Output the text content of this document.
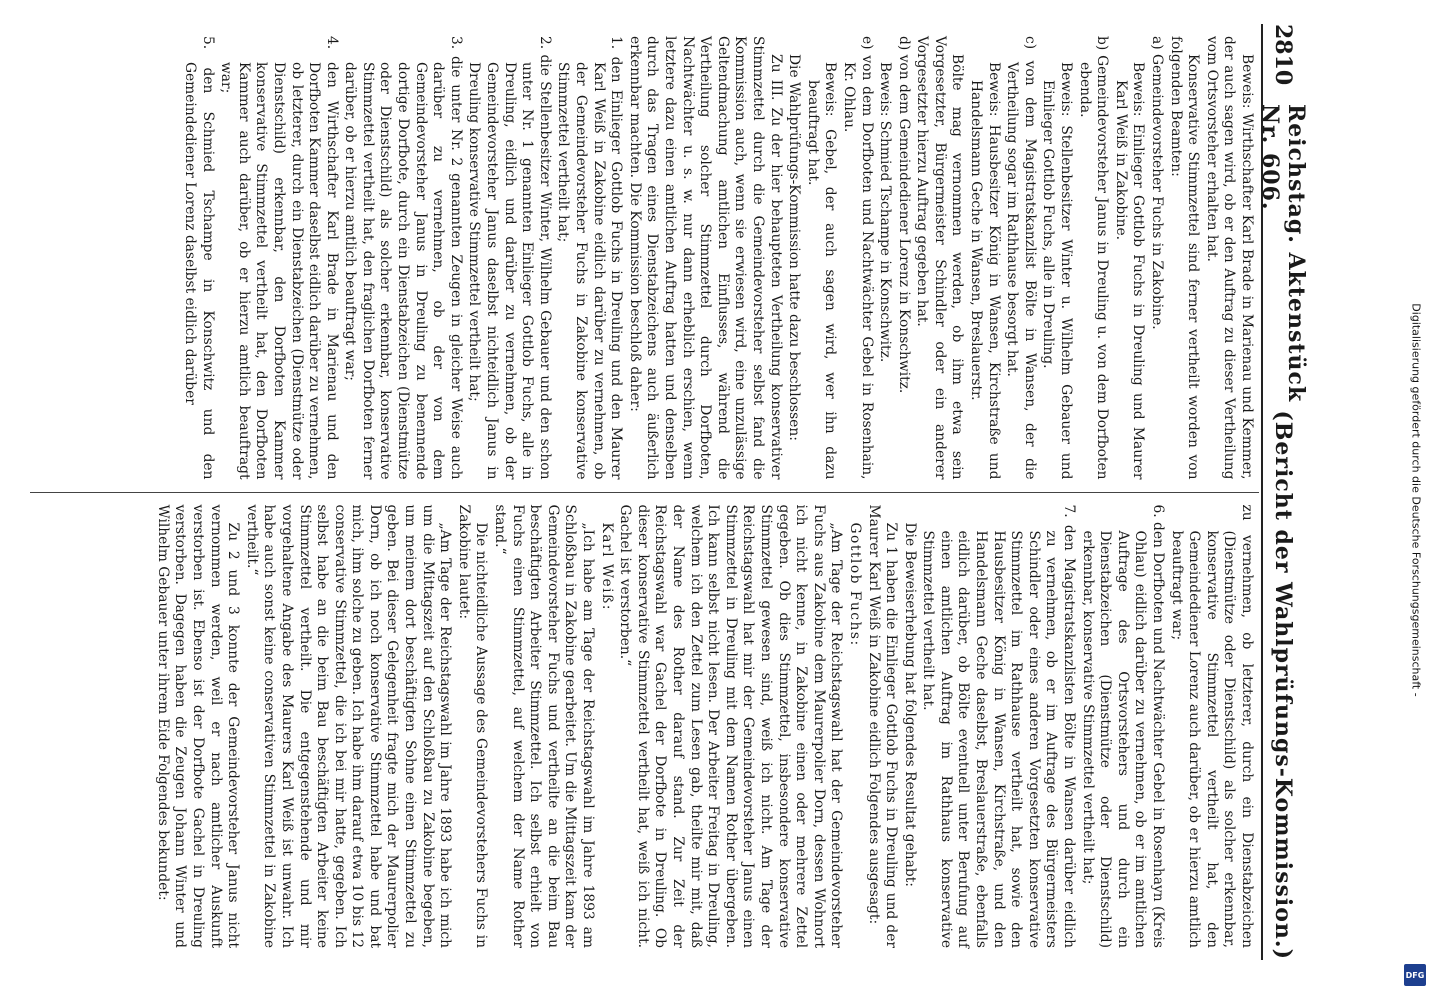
2810
Reichstag. Aktenstück Nr. 606.
(Bericht der Wahlprüfungs-Kommission.)

Beweis: Wirthschafter Karl Brade in Marienau und Kemmer, der auch sagen wird, ob er den Auftrag zu dieser Vertheilung vom Ortsvorsteher erhalten hat.

Konservative Stimmzettel sind ferner vertheilt worden von folgenden Beamten:

a) Gemeindevorsteher Fuchs in Zakobine.

Beweis: Einlieger Gottlob Fuchs in Dreuling und Maurer Karl Weiß in Zakobine.

b) Gemeindevorsteher Janus in Dreuling u. von dem Dorfboten ebenda.

Beweis: Stellenbesitzer Winter u. Wilhelm Gebauer und Einlieger Gottlob Fuchs, alle in Dreuling.

c) von dem Magistratskanzlist Bölte in Wansen, der die Vertheilung sogar im Rathhause besorgt hat.

Beweis: Hausbesitzer König in Wansen, Kirchstraße und Handelsmann Geche in Wansen, Breslauerstr.

Bölte mag vernommen werden, ob ihm etwa sein Vorgesetzter, Bürgermeister Schindler oder ein anderer Vorgesetzter hierzu Auftrag gegeben hat.

d) von dem Gemeindediener Lorenz in Konschwitz.

Beweis: Schmied Tschampe in Konschwitz.

e) von dem Dorfboten und Nachtwächter Gebel in Rosenhain, Kr. Ohlau.

Beweis: Gebel, der auch sagen wird, wer ihn dazu beauftragt hat.

Die Wahlprüfungs-Kommission hatte dazu beschlossen:

Zu III. Zu der hier behaupteten Vertheilung konservativer Stimmzettel durch die Gemeindevorsteher selbst fand die Kommission auch, wenn sie erwiesen wird, eine unzulässige Geltendmachung amtlichen Einflusses, während die Vertheilung solcher Stimmzettel durch Dorfboten, Nachtwächter u. s. w. nur dann erheblich erschien, wenn letztere dazu einen amtlichen Auftrag hatten und denselben durch das Tragen eines Dienstabzeichens auch äußerlich erkennbar machten. Die Kommission beschloß daher:

1. den Einlieger Gottlob Fuchs in Dreuling und den Maurer Karl Weiß in Zakobine eidlich darüber zu vernehmen, ob der Gemeindevorsteher Fuchs in Zakobine konservative Stimmzettel vertheilt hat;

2. die Stellenbesitzer Winter, Wilhelm Gebauer und den schon unter Nr. 1 genannten Einlieger Gottlob Fuchs, alle in Dreuling, eidlich und darüber zu vernehmen, ob der Gemeindevorsteher Janus daselbst nichteidlich Janus in Dreuling konservative Stimmzettel vertheilt hat;

3. die unter Nr. 2 genannten Zeugen in gleicher Weise auch darüber zu vernehmen, ob der von dem Gemeindevorsteher Janus in Dreuling zu benennende dortige Dorfbote, durch ein Dienstabzeichen (Dienstmütze oder Dienstschild) als solcher erkennbar, konservative Stimmzettel vertheilt hat, den fraglichen Dorfboten ferner darüber, ob er hierzu amtlich beauftragt war;

4. den Wirthschafter Karl Brade in Marienau und den Dorfboten Kammer daselbst eidlich darüber zu vernehmen, ob letzterer, durch ein Dienstabzeichen (Dienstmütze oder Dienstschild) erkennbar, den Dorfboten Kammer konservative Stimmzettel vertheilt hat, den Dorfboten Kammer auch darüber, ob er hierzu amtlich beauftragt war;

5. den Schmied Tschampe in Konschwitz und den Gemeindediener Lorenz daselbst eidlich darüber

zu vernehmen, ob letzterer, durch ein Dienstabzeichen (Dienstmütze oder Dienstschild) als solcher erkennbar, konservative Stimmzettel vertheilt hat, den Gemeindediener Lorenz auch darüber, ob er hierzu amtlich beauftragt war;

6. den Dorfboten und Nachtwächter Gebel in Rosenhayn (Kreis Ohlau) eidlich darüber zu vernehmen, ob er im amtlichen Auftrage des Ortsvorstehers und durch ein Dienstabzeichen (Dienstmütze oder Dienstschild) erkennbar, konservative Stimmzettel vertheilt hat;

7. den Magistratskanzlisten Bölte in Wansen darüber eidlich zu vernehmen, ob er im Auftrage des Bürgermeisters Schindler oder eines anderen Vorgesetzten konservative Stimmzettel im Rathhause vertheilt hat, sowie den Hausbesitzer König in Wansen, Kirchstraße, und den Handelsmann Geche daselbst, Breslauerstraße, ebenfalls eidlich darüber, ob Bölte eventuell unter Berufung auf einen amtlichen Auftrag im Rathhaus konservative Stimmzettel vertheilt hat.

Die Beweiserhebung hat folgendes Resultat gehabt:

Zu 1 haben die Einlieger Gottlob Fuchs in Dreuling und der Maurer Karl Weiß in Zakobine eidlich Folgendes ausgesagt:

Gottlob Fuchs:

„Am Tage der Reichstagswahl hat der Gemeindevorsteher Fuchs aus Zakobine dem Maurerpolier Dorn, dessen Wohnort ich nicht kenne, in Zakobine einen oder mehrere Zettel gegeben. Ob dies Stimmzettel, insbesondere konservative Stimmzettel gewesen sind, weiß ich nicht. Am Tage der Reichstagswahl hat mir der Gemeindevorsteher Janus einen Stimmzettel in Dreuling mit dem Namen Rother übergeben. Ich kann selbst nicht lesen. Der Arbeiter Freitag in Dreuling, welchem ich den Zettel zum Lesen gab, theilte mir mit, daß der Name des Rother darauf stand. Zur Zeit der Reichstagswahl war Gachel der Dorfbote in Dreuling. Ob dieser konservative Stimmzettel vertheilt hat, weiß ich nicht. Gachel ist verstorben.“

Karl Weiß:

„Ich habe am Tage der Reichstagswahl im Jahre 1893 am Schloßbau in Zakobine gearbeitet. Um die Mittagszeit kam der Gemeindevorsteher Fuchs und vertheilte an die beim Bau beschäftigten Arbeiter Stimmzettel. Ich selbst erhielt von Fuchs einen Stimmzettel, auf welchem der Name Rother stand.“

Die nichteidliche Aussage des Gemeindevorstehers Fuchs in Zakobine lautet:

„Am Tage der Reichstagswahl im Jahre 1893 habe ich mich um die Mittagszeit auf den Schloßbau zu Zakobine begeben, um meinem dort beschäftigten Sohne einen Stimmzettel zu geben. Bei dieser Gelegenheit fragte mich der Maurerpolier Dorn, ob ich noch konservative Stimmzettel habe und bat mich, ihm solche zu geben. Ich habe ihm darauf etwa 10 bis 12 conservative Stimmzettel, die ich bei mir hatte, gegeben. Ich selbst habe an die beim Bau beschäftigten Arbeiter keine Stimmzettel vertheilt. Die entgegenstehende und mir vorgehaltene Angabe des Maurers Karl Weiß ist unwahr. Ich habe auch sonst keine conservativen Stimmzettel in Zakobine vertheilt.“

Zu 2 und 3 konnte der Gemeindevorsteher Janus nicht vernommen werden, weil er nach amtlicher Auskunft verstorben ist. Ebenso ist der Dorfbote Gachel in Dreuling verstorben. Dagegen haben die Zeugen Johann Winter und Wilhelm Gebauer unter ihrem Eide Folgendes bekundet:

Digitalisierung gefördert durch die Deutsche Forschungsgemeinschaft -
DFG
